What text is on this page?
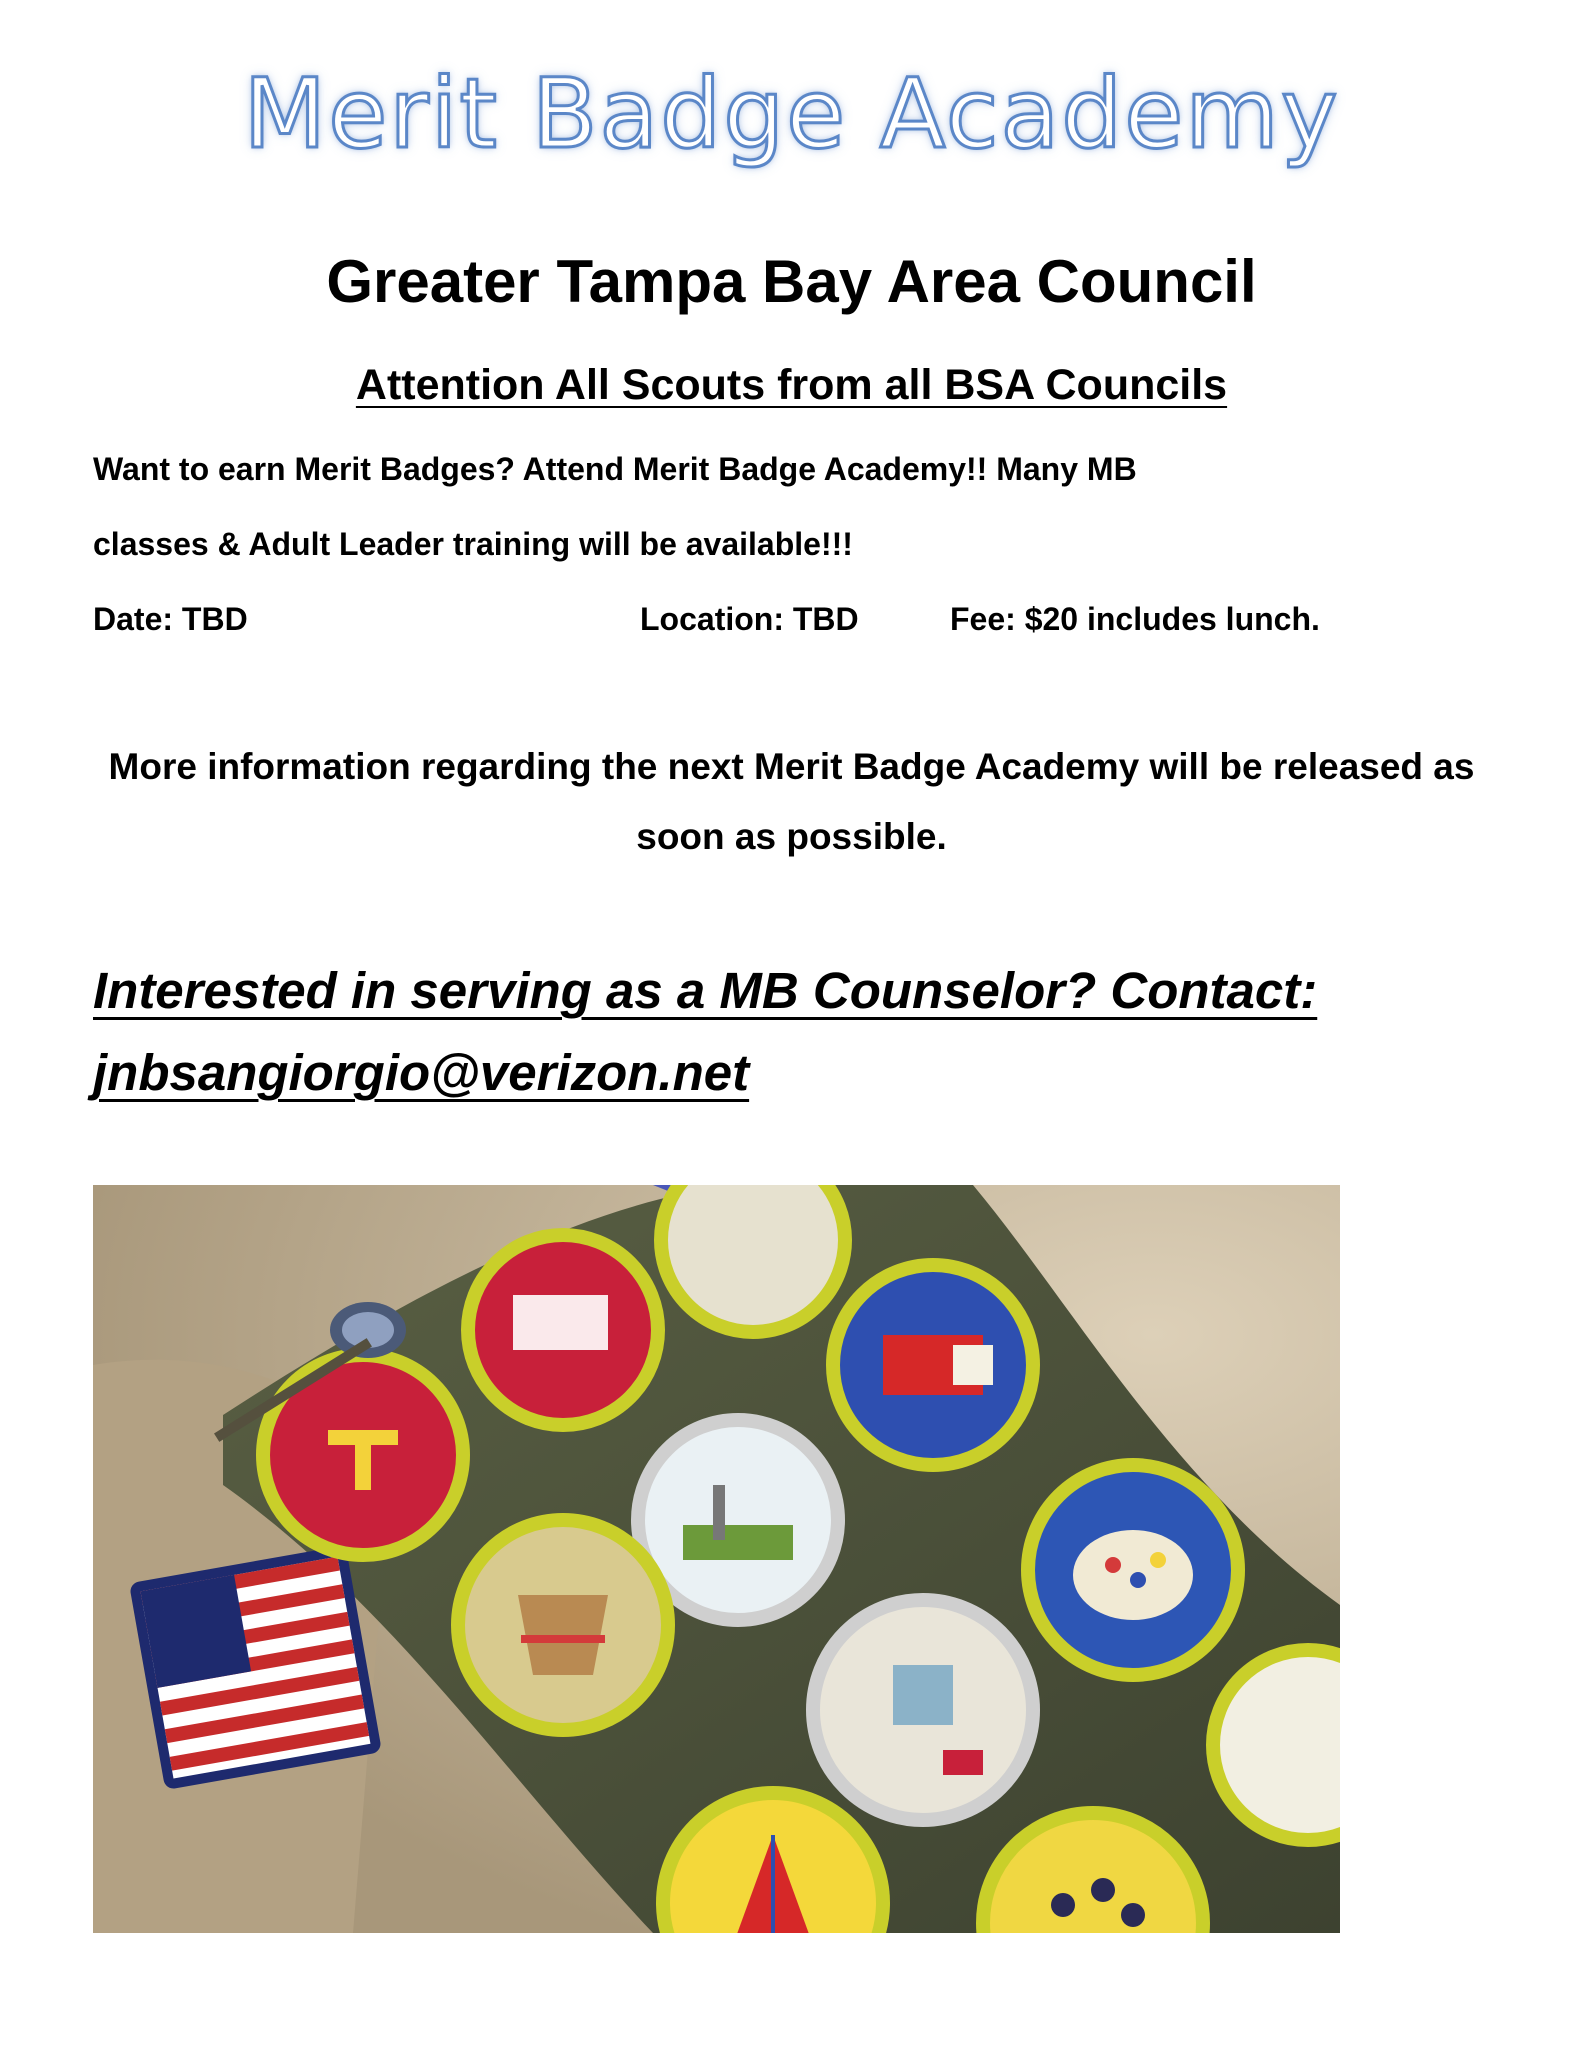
Merit Badge Academy
Greater Tampa Bay Area Council
Attention All Scouts from all BSA Councils
Want to earn Merit Badges? Attend Merit Badge Academy!! Many MB
classes & Adult Leader training will be available!!!
Date: TBD	Location: TBD	Fee: $20 includes lunch.
More information regarding the next Merit Badge Academy will be released as soon as possible.
Interested in serving as a MB Counselor? Contact:
jnbsangiorgio@verizon.net
